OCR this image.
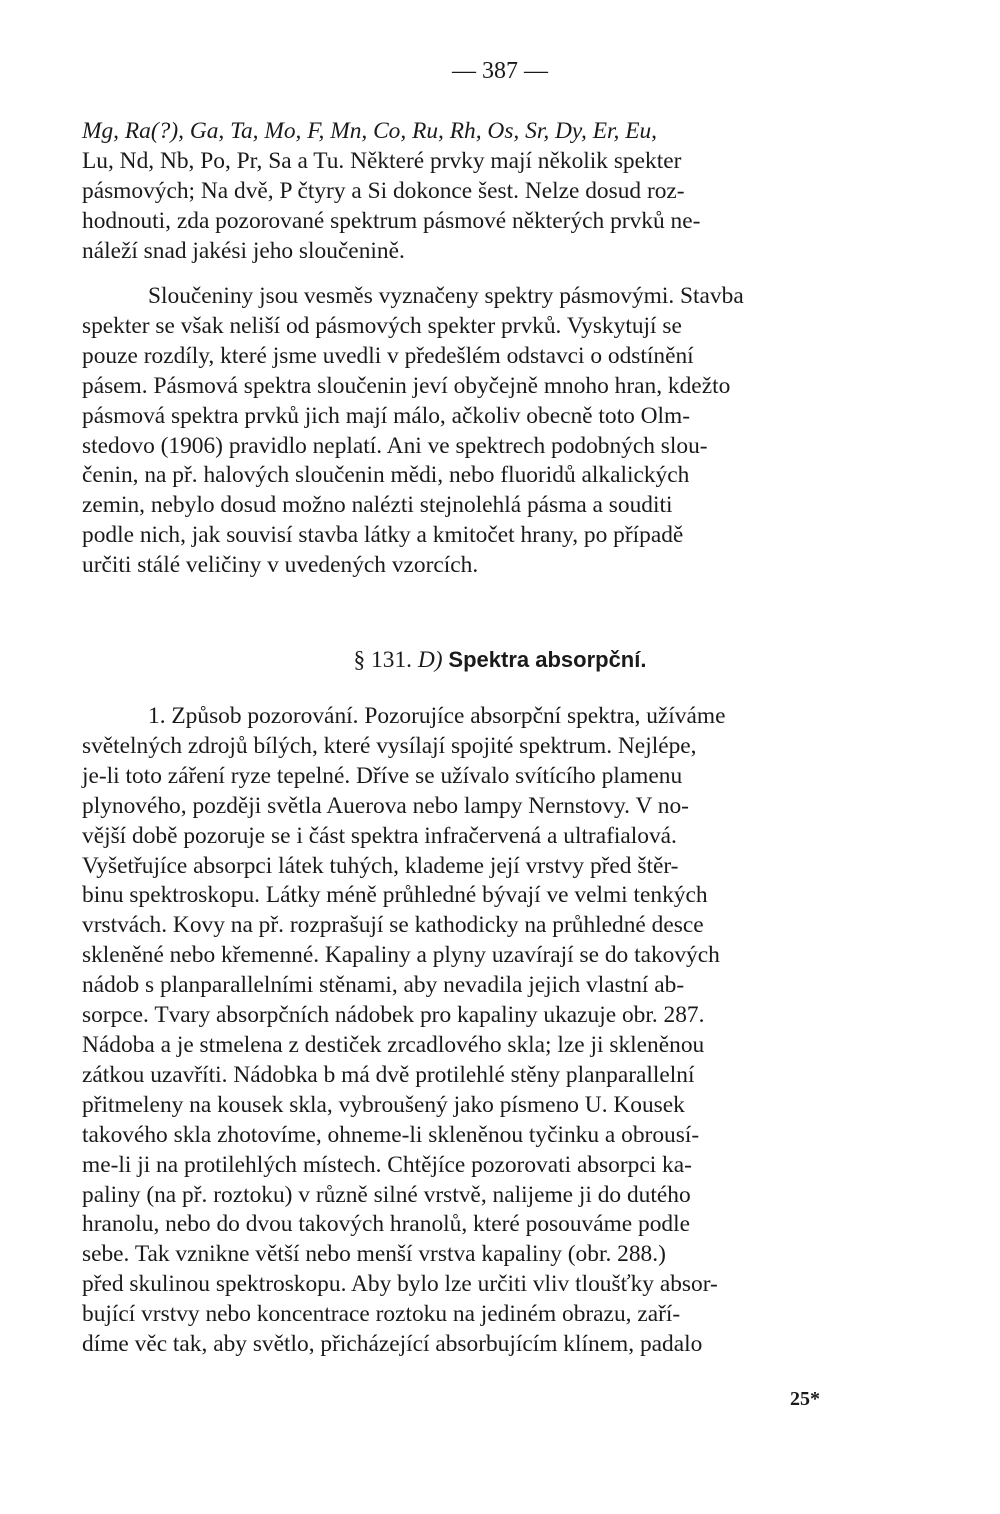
— 387 —
Mg, Ra(?), Ga, Ta, Mo, F, Mn, Co, Ru, Rh, Os, Sr, Dy, Er, Eu,
Lu, Nd, Nb, Po, Pr, Sa a Tu. Některé prvky mají několik spekter
pásmových; Na dvě, P čtyry a Si dokonce šest. Nelze dosud roz-
hodnouti, zda pozorované spektrum pásmové některých prvků ne-
náleží snad jakési jeho sloučenině.
Sloučeniny jsou vesměs vyznačeny spektry pásmovými. Stavba
spekter se však neliší od pásmových spekter prvků. Vyskytují se
pouze rozdíly, které jsme uvedli v předešlém odstavci o odstínění
pásem. Pásmová spektra sloučenin jeví obyčejně mnoho hran, kdežto
pásmová spektra prvků jich mají málo, ačkoliv obecně toto Olm-
stedovo (1906) pravidlo neplatí. Ani ve spektrech podobných slou-
čenin, na př. halových sloučenin mědi, nebo fluoridů alkalických
zemin, nebylo dosud možno nalézti stejnolehlá pásma a souditi
podle nich, jak souvisí stavba látky a kmitočet hrany, po případě
určiti stálé veličiny v uvedených vzorcích.
§ 131. D) Spektra absorpční.
1. Způsob pozorování. Pozorujíce absorpční spektra, užíváme
světelných zdrojů bílých, které vysílají spojité spektrum. Nejlépe,
je-li toto záření ryze tepelné. Dříve se užívalo svítícího plamenu
plynového, později světla Auerova nebo lampy Nernstovy. V no-
vější době pozoruje se i část spektra infračervená a ultrafialová.
Vyšetřujíce absorpci látek tuhých, klademe její vrstvy před štěr-
binu spektroskopu. Látky méně průhledné bývají ve velmi tenkých
vrstvách. Kovy na př. rozprašují se kathodicky na průhledné desce
skleněné nebo křemenné. Kapaliny a plyny uzavírají se do takových
nádob s planparallelními stěnami, aby nevadila jejich vlastní ab-
sorpce. Tvary absorpčních nádobek pro kapaliny ukazuje obr. 287.
Nádoba a je stmelena z destiček zrcadlového skla; lze ji skleněnou
zátkou uzavříti. Nádobka b má dvě protilehlé stěny planparallelní
přitmeleny na kousek skla, vybroušený jako písmeno U. Kousek
takového skla zhotovíme, ohneme-li skleněnou tyčinku a obrousí-
me-li ji na protilehlých místech. Chtějíce pozorovati absorpci ka-
paliny (na př. roztoku) v různě silné vrstvě, nalijeme ji do dutého
hranolu, nebo do dvou takových hranolů, které posouváme podle
sebe. Tak vznikne větší nebo menší vrstva kapaliny (obr. 288.)
před skulinou spektroskopu. Aby bylo lze určiti vliv tloušťky absor-
bující vrstvy nebo koncentrace roztoku na jediném obrazu, zaří-
díme věc tak, aby světlo, přicházející absorbujícím klínem, padalo
25*
